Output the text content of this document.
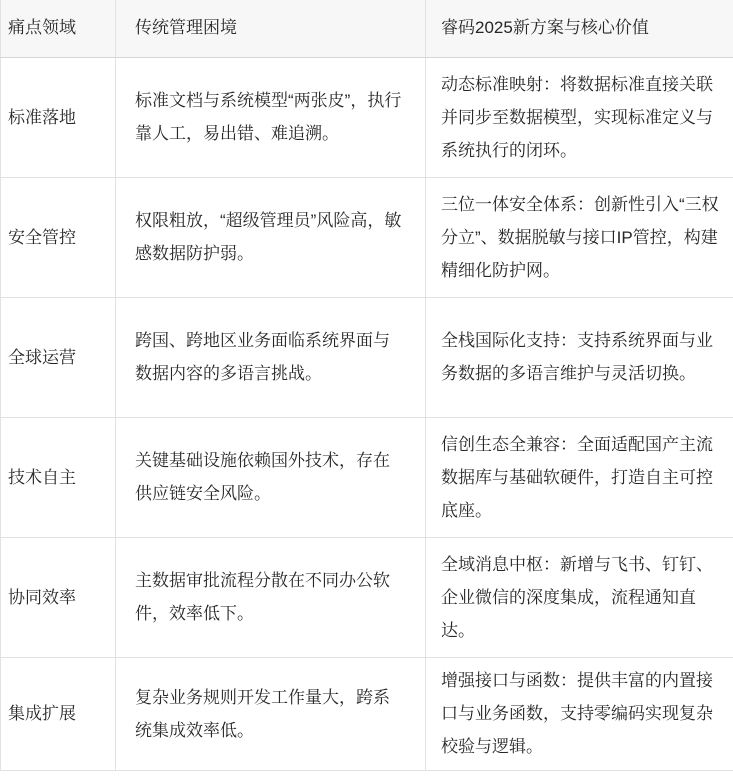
痛点领域	传统管理困境	睿码2025新方案与核心价值
标准落地	标准文档与系统模型“两张皮”，执行靠人工，易出错、难追溯。	动态标准映射：将数据标准直接关联并同步至数据模型，实现标准定义与系统执行的闭环。
安全管控	权限粗放，“超级管理员”风险高，敏感数据防护弱。	三位一体安全体系：创新性引入“三权分立”、数据脱敏与接口IP管控，构建精细化防护网。
全球运营	跨国、跨地区业务面临系统界面与数据内容的多语言挑战。	全栈国际化支持：支持系统界面与业务数据的多语言维护与灵活切换。
技术自主	关键基础设施依赖国外技术，存在供应链安全风险。	信创生态全兼容：全面适配国产主流数据库与基础软硬件，打造自主可控底座。
协同效率	主数据审批流程分散在不同办公软件，效率低下。	全域消息中枢：新增与飞书、钉钉、企业微信的深度集成，流程通知直达。
集成扩展	复杂业务规则开发工作量大，跨系统集成效率低。	增强接口与函数：提供丰富的内置接口与业务函数，支持零编码实现复杂校验与逻辑。
